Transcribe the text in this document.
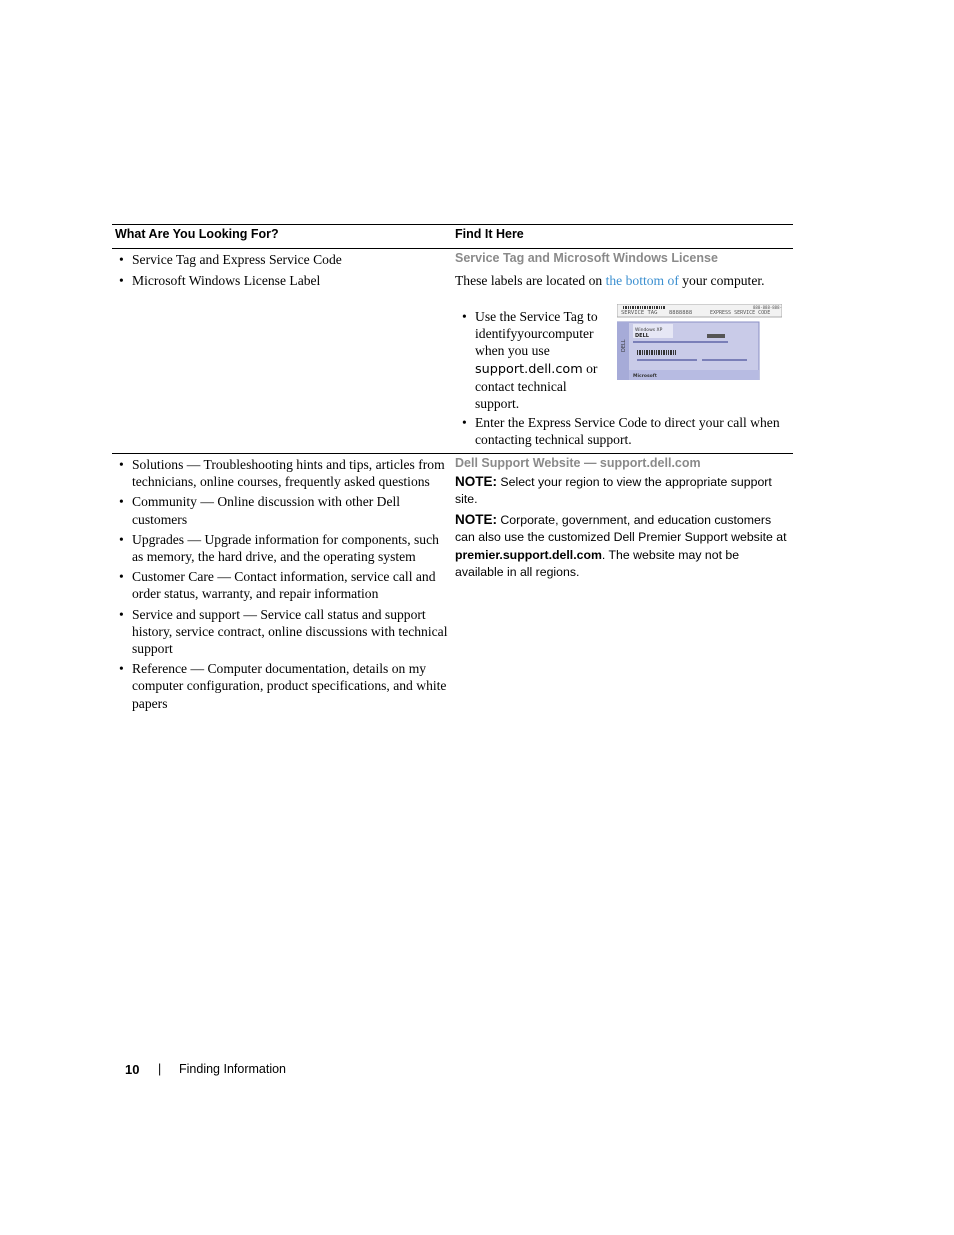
What Are You Looking For?	Find It Here
• Service Tag and Express Service Code
• Microsoft Windows License Label
Service Tag and Microsoft Windows License
These labels are located on the bottom of your computer.
• Use the Service Tag to
identifyyourcomputer
when you use
support.dell.com or
contact technical
support.
SERVICE TAG 8888888	EXPRESS SERVICE CODE
888-888-888-8
DELL
Windows XP
DELL
Microsoft
• Enter the Express Service Code to direct your call when contacting technical support.
• Solutions — Troubleshooting hints and tips, articles from technicians, online courses, frequently asked questions
• Community — Online discussion with other Dell customers
• Upgrades — Upgrade information for components, such as memory, the hard drive, and the operating system
• Customer Care — Contact information, service call and order status, warranty, and repair information
• Service and support — Service call status and support history, service contract, online discussions with technical support
• Reference — Computer documentation, details on my computer configuration, product specifications, and white papers
Dell Support Website — support.dell.com
NOTE: Select your region to view the appropriate support site.
NOTE: Corporate, government, and education customers can also use the customized Dell Premier Support website at premier.support.dell.com. The website may not be available in all regions.
10 | Finding Information
